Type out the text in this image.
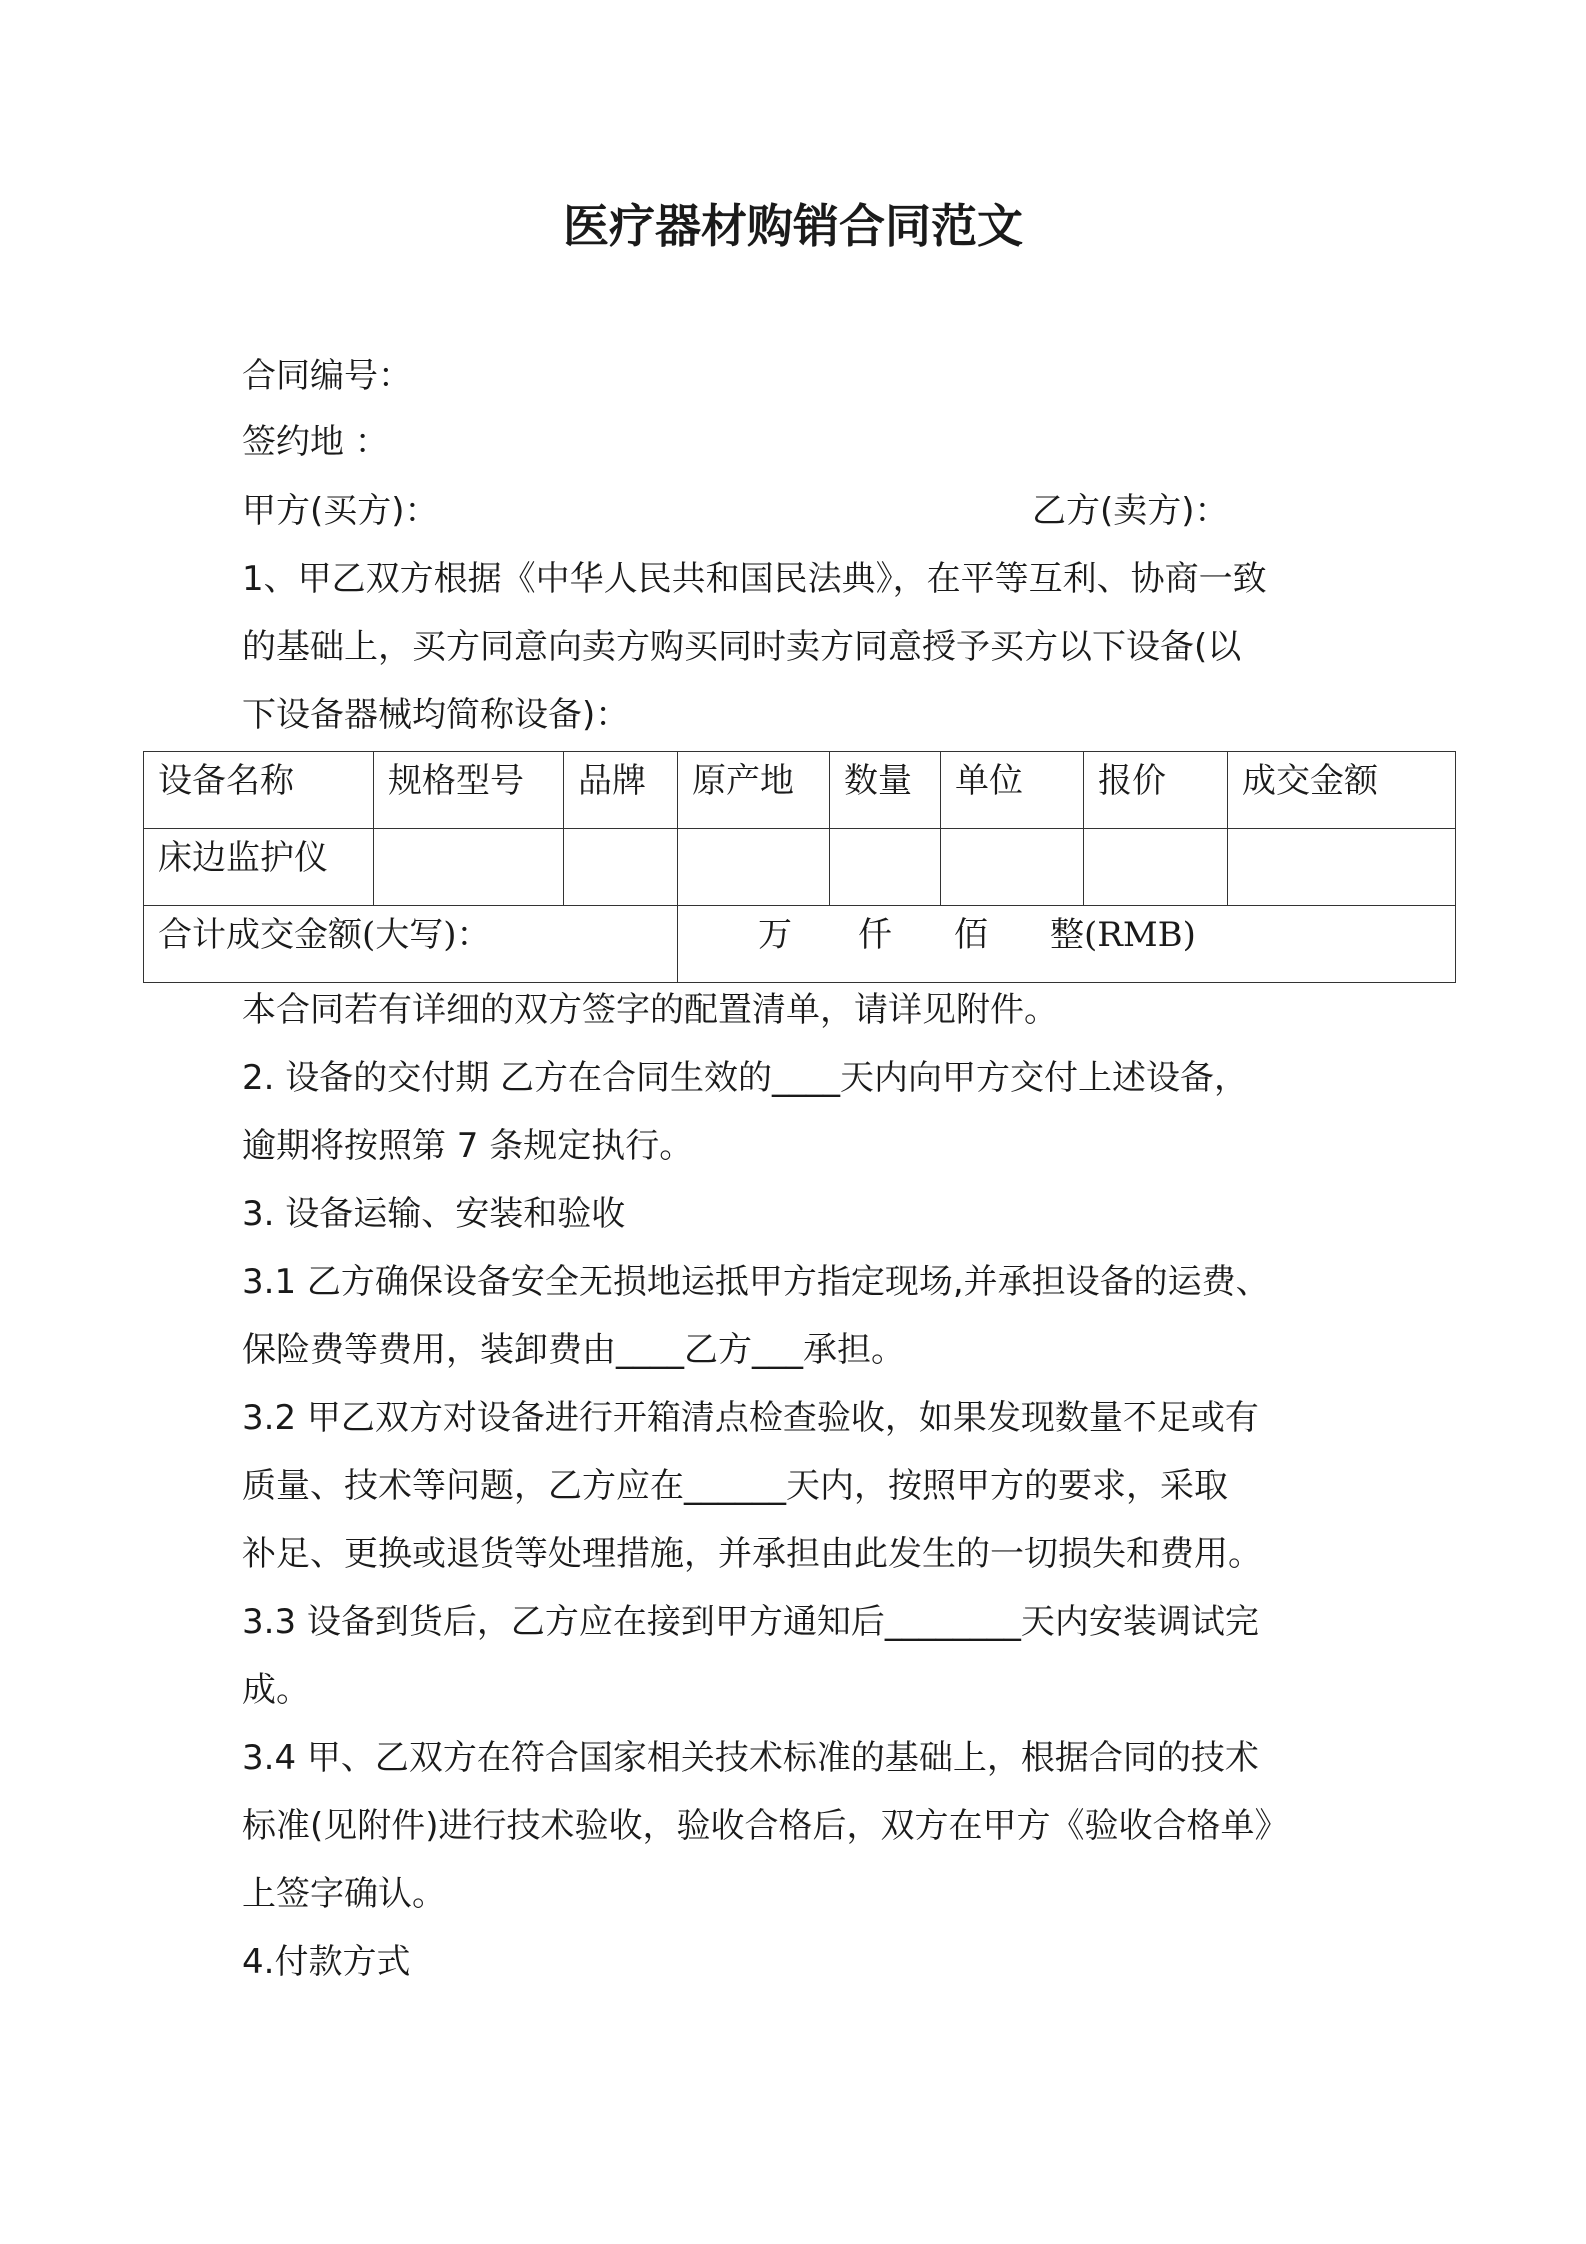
医疗器材购销合同范文
合同编号：
签约地 ：
甲方(买方)：	乙方(卖方)：
1、甲乙双方根据《中华人民共和国民法典》，在平等互利、协商一致
的基础上，买方同意向卖方购买同时卖方同意授予买方以下设备(以
下设备器械均简称设备)：
设备名称	规格型号	品牌	原产地	数量	单位	报价	成交金额
床边监护仪							
合计成交金额(大写)：			万 仟 佰 整(RMB)				
本合同若有详细的双方签字的配置清单，请详见附件。
2. 设备的交付期 乙方在合同生效的____天内向甲方交付上述设备，
逾期将按照第 7 条规定执行。
3. 设备运输、安装和验收
3.1 乙方确保设备安全无损地运抵甲方指定现场,并承担设备的运费、
保险费等费用，装卸费由____乙方___承担。
3.2 甲乙双方对设备进行开箱清点检查验收，如果发现数量不足或有
质量、技术等问题，乙方应在______天内，按照甲方的要求，采取
补足、更换或退货等处理措施，并承担由此发生的一切损失和费用。
3.3 设备到货后，乙方应在接到甲方通知后________天内安装调试完
成。
3.4 甲、乙双方在符合国家相关技术标准的基础上，根据合同的技术
标准(见附件)进行技术验收，验收合格后，双方在甲方《验收合格单》
上签字确认。
4.付款方式
